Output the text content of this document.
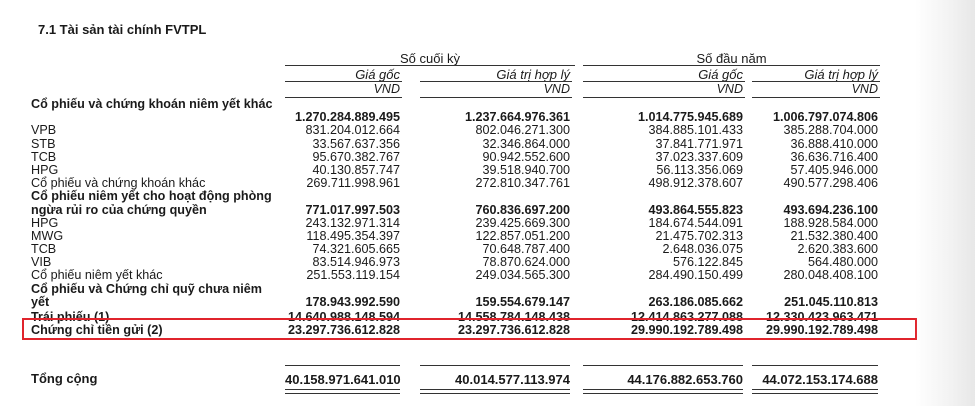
7.1 Tài sản tài chính FVTPL
Số cuối kỳ	Số đầu năm
Giá gốc	Giá trị hợp lý	Giá gốc	Giá trị hợp lý
VND	VND	VND	VND
Cổ phiếu và chứng khoán niêm yết khác
1.270.284.889.495	1.237.664.976.361	1.014.775.945.689	1.006.797.074.806
VPB	831.204.012.664	802.046.271.300	384.885.101.433	385.288.704.000
STB	33.567.637.356	32.346.864.000	37.841.771.971	36.888.410.000
TCB	95.670.382.767	90.942.552.600	37.023.337.609	36.636.716.400
HPG	40.130.857.747	39.518.940.700	56.113.356.069	57.405.946.000
Cổ phiếu và chứng khoán khác	269.711.998.961	272.810.347.761	498.912.378.607	490.577.298.406
Cổ phiếu niêm yết cho hoạt động phòng ngừa rủi ro của chứng quyền	771.017.997.503	760.836.697.200	493.864.555.823	493.694.236.100
HPG	243.132.971.314	239.425.669.300	184.674.544.091	188.928.584.000
MWG	118.495.354.397	122.857.051.200	21.475.702.313	21.532.380.400
TCB	74.321.605.665	70.648.787.400	2.648.036.075	2.620.383.600
VIB	83.514.946.973	78.870.624.000	576.122.845	564.480.000
Cổ phiếu niêm yết khác	251.553.119.154	249.034.565.300	284.490.150.499	280.048.408.100
Cổ phiếu và Chứng chỉ quỹ chưa niêm yết	178.943.992.590	159.554.679.147	263.186.085.662	251.045.110.813
Trái phiếu (1)	14.640.988.148.594	14.558.784.148.438	12.414.863.277.088	12.330.423.963.471
Chứng chỉ tiền gửi (2)	23.297.736.612.828	23.297.736.612.828	29.990.192.789.498	29.990.192.789.498
Tổng cộng	40.158.971.641.010	40.014.577.113.974	44.176.882.653.760	44.072.153.174.688
